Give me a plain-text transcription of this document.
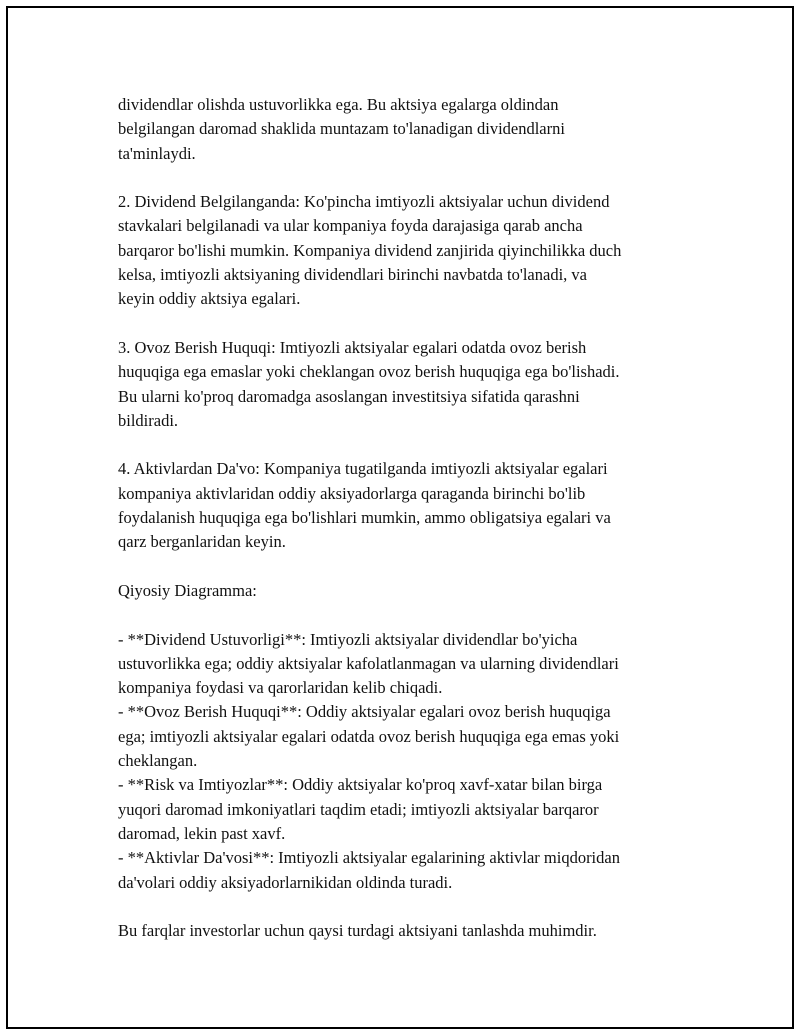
dividendlar olishda ustuvorlikka ega. Bu aktsiya egalarga oldindan
belgilangan daromad shaklida muntazam to'lanadigan dividendlarni
ta'minlaydi.

2. Dividend Belgilanganda: Ko'pincha imtiyozli aktsiyalar uchun dividend
stavkalari belgilanadi va ular kompaniya foyda darajasiga qarab ancha
barqaror bo'lishi mumkin. Kompaniya dividend zanjirida qiyinchilikka duch
kelsa, imtiyozli aktsiyaning dividendlari birinchi navbatda to'lanadi, va
keyin oddiy aktsiya egalari.

3. Ovoz Berish Huquqi: Imtiyozli aktsiyalar egalari odatda ovoz berish
huquqiga ega emaslar yoki cheklangan ovoz berish huquqiga ega bo'lishadi.
Bu ularni ko'proq daromadga asoslangan investitsiya sifatida qarashni
bildiradi.

4. Aktivlardan Da'vo: Kompaniya tugatilganda imtiyozli aktsiyalar egalari
kompaniya aktivlaridan oddiy aksiyadorlarga qaraganda birinchi bo'lib
foydalanish huquqiga ega bo'lishlari mumkin, ammo obligatsiya egalari va
qarz berganlaridan keyin.

Qiyosiy Diagramma:

- **Dividend Ustuvorligi**: Imtiyozli aktsiyalar dividendlar bo'yicha
ustuvorlikka ega; oddiy aktsiyalar kafolatlanmagan va ularning dividendlari
kompaniya foydasi va qarorlaridan kelib chiqadi.
- **Ovoz Berish Huquqi**: Oddiy aktsiyalar egalari ovoz berish huquqiga
ega; imtiyozli aktsiyalar egalari odatda ovoz berish huquqiga ega emas yoki
cheklangan.
- **Risk va Imtiyozlar**: Oddiy aktsiyalar ko'proq xavf-xatar bilan birga
yuqori daromad imkoniyatlari taqdim etadi; imtiyozli aktsiyalar barqaror
daromad, lekin past xavf.
- **Aktivlar Da'vosi**: Imtiyozli aktsiyalar egalarining aktivlar miqdoridan
da'volari oddiy aksiyadorlarnikidan oldinda turadi.

Bu farqlar investorlar uchun qaysi turdagi aktsiyani tanlashda muhimdir.
